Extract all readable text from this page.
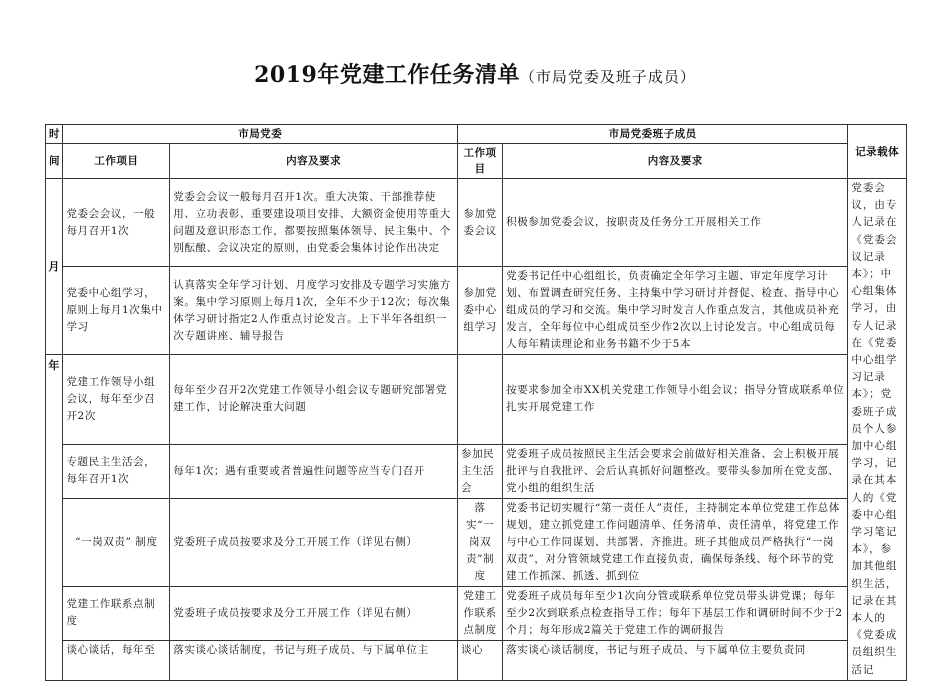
2019年党建工作任务清单（市局党委及班子成员）
时	市局党委		市局党委班子成员		记录载体
间	工作项目	内容及要求	工作项目	内容及要求	
月	党委会会议，一般每月召开1次	党委会会议一般每月召开1次。重大决策、干部推荐使用、立功表彰、重要建设项目安排、大额资金使用等重大问题及意识形态工作，都要按照集体领导、民主集中、个别酝酿、会议决定的原则，由党委会集体讨论作出决定	参加党委会议	积极参加党委会议，按职责及任务分工开展相关工作	党委会议，由专人记录在《党委会议记录本》；中心组集体学习，由专人记录在《党委中心组学习记录本》；党委班子成员个人参加中心组学习，记录在其本人的《党委中心组学习笔记本》，参加其他组织生活，记录在其本人的《党委成员组织生活记
	党委中心组学习，原则上每月1次集中学习	认真落实全年学习计划、月度学习安排及专题学习实施方案。集中学习原则上每月1次，全年不少于12次；每次集体学习研讨指定2人作重点讨论发言。上下半年各组织一次专题讲座、辅导报告	参加党委中心组学习	党委书记任中心组组长，负责确定全年学习主题、审定年度学习计划、布置调查研究任务、主持集中学习研讨并督促、检查、指导中心组成员的学习和交流。集中学习时发言人作重点发言，其他成员补充发言，全年每位中心组成员至少作2次以上讨论发言。中心组成员每人每年精读理论和业务书籍不少于5本	
年	党建工作领导小组会议，每年至少召开2次	每年至少召开2次党建工作领导小组会议专题研究部署党建工作，讨论解决重大问题		按要求参加全市XX机关党建工作领导小组会议；指导分管成联系单位扎实开展党建工作	
	专题民主生活会，每年召开1次	每年1次；遇有重要或者普遍性问题等应当专门召开	参加民主生活会	党委班子成员按照民主生活会要求会前做好相关准备、会上积极开展批评与自我批评、会后认真抓好问题整改。要带头参加所在党支部、党小组的组织生活	
	“一岗双责” 制度	党委班子成员按要求及分工开展工作（详见右侧）	落实“一岗双责”制度	党委书记切实履行“第一责任人”责任，主持制定本单位党建工作总体规划，建立抓党建工作问题清单、任务清单、责任清单，将党建工作与中心工作同谋划、共部署、齐推进。班子其他成员严格执行“一岗双责”，对分管领域党建工作直接负责，确保每条线、每个环节的党建工作抓深、抓透、抓到位	
	党建工作联系点制度	党委班子成员按要求及分工开展工作（详见右侧）	党建工作联系点制度	党委班子成员每年至少1次向分管或联系单位党员带头讲党课；每年至少2次到联系点检查指导工作；每年下基层工作和调研时间不少于2个月；每年形成2篇关于党建工作的调研报告	
	谈心谈话，每年至	落实谈心谈话制度，书记与班子成员、与下属单位主	谈心	落实谈心谈话制度，书记与班子成员、与下属单位主要负责同	
